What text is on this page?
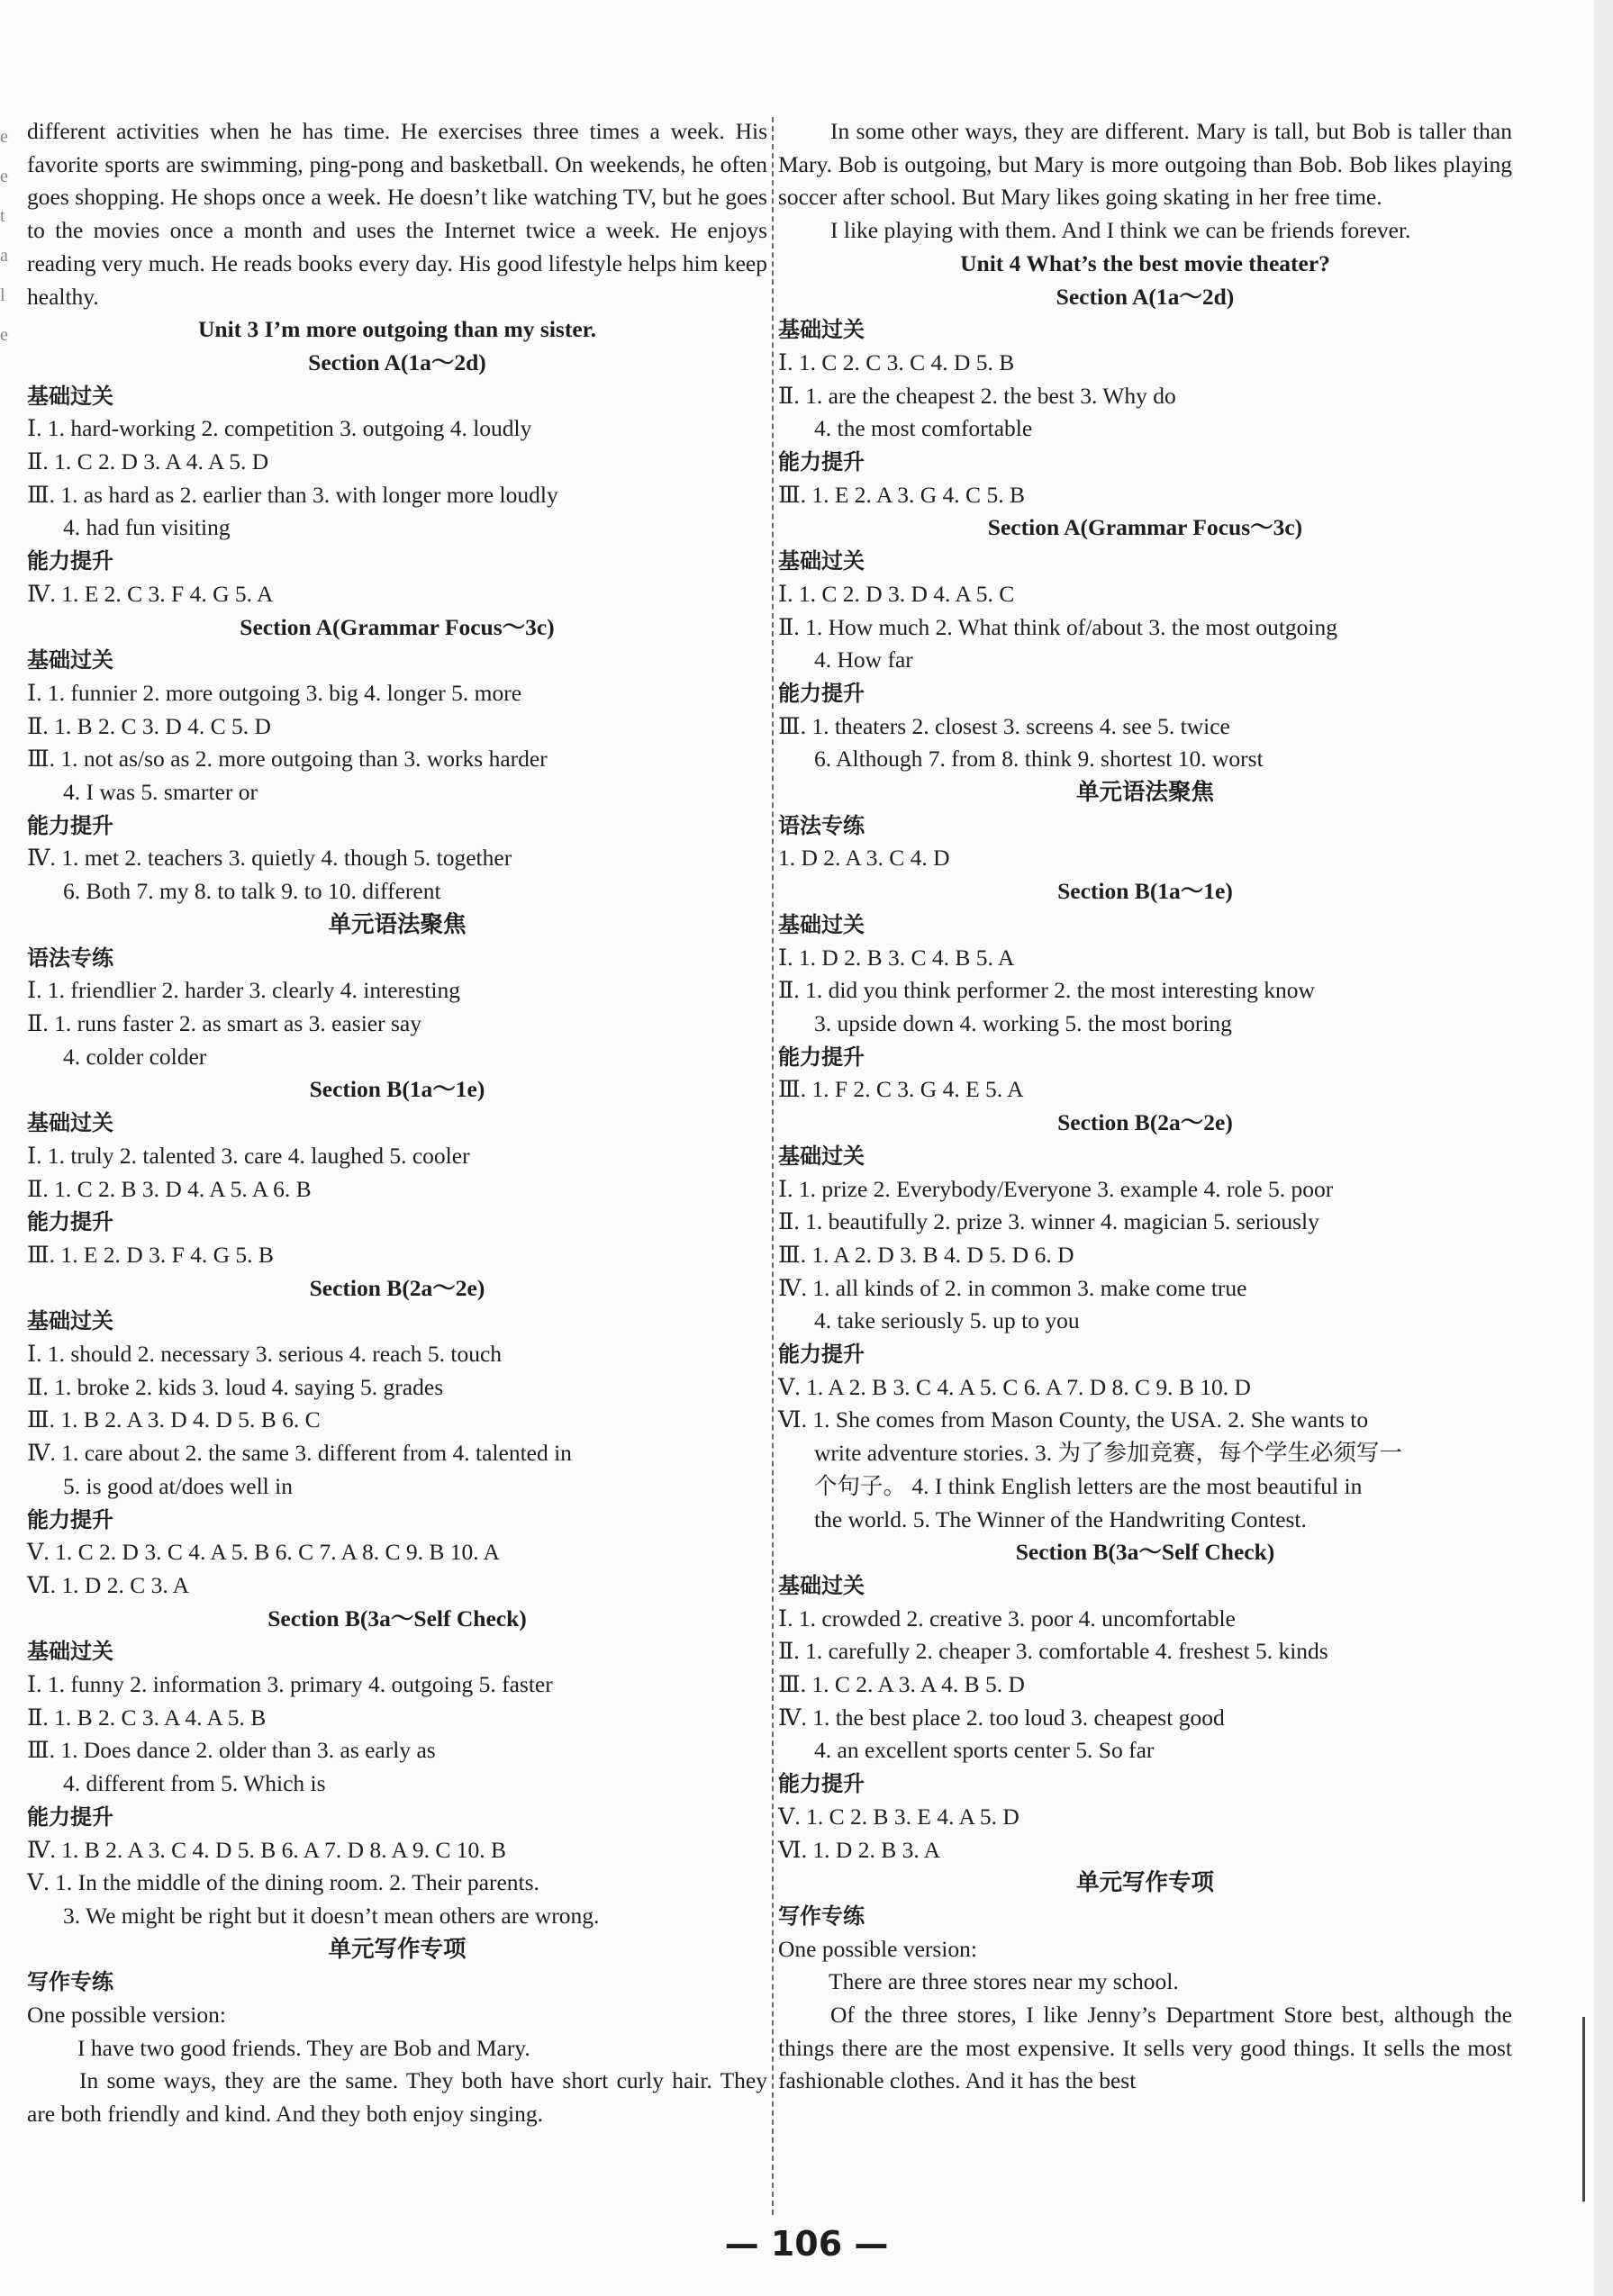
e
e
t
a
l
e
different activities when he has time. He exercises three times a week. His favorite sports are swimming, ping-pong and basketball. On weekends, he often goes shopping. He shops once a week. He doesn’t like watching TV, but he goes to the movies once a month and uses the Internet twice a week. He enjoys reading very much. He reads books every day. His good lifestyle helps him keep healthy.
Unit 3 I’m more outgoing than my sister.
Section A(1a～2d)
基础过关
Ⅰ. 1. hard-working 2. competition 3. outgoing 4. loudly
Ⅱ. 1. C 2. D 3. A 4. A 5. D
Ⅲ. 1. as hard as 2. earlier than 3. with longer more loudly
4. had fun visiting
能力提升
Ⅳ. 1. E 2. C 3. F 4. G 5. A
Section A(Grammar Focus～3c)
基础过关
Ⅰ. 1. funnier 2. more outgoing 3. big 4. longer 5. more
Ⅱ. 1. B 2. C 3. D 4. C 5. D
Ⅲ. 1. not as/so as 2. more outgoing than 3. works harder
4. I was 5. smarter or
能力提升
Ⅳ. 1. met 2. teachers 3. quietly 4. though 5. together
6. Both 7. my 8. to talk 9. to 10. different
单元语法聚焦
语法专练
Ⅰ. 1. friendlier 2. harder 3. clearly 4. interesting
Ⅱ. 1. runs faster 2. as smart as 3. easier say
4. colder colder
Section B(1a～1e)
基础过关
Ⅰ. 1. truly 2. talented 3. care 4. laughed 5. cooler
Ⅱ. 1. C 2. B 3. D 4. A 5. A 6. B
能力提升
Ⅲ. 1. E 2. D 3. F 4. G 5. B
Section B(2a～2e)
基础过关
Ⅰ. 1. should 2. necessary 3. serious 4. reach 5. touch
Ⅱ. 1. broke 2. kids 3. loud 4. saying 5. grades
Ⅲ. 1. B 2. A 3. D 4. D 5. B 6. C
Ⅳ. 1. care about 2. the same 3. different from 4. talented in
5. is good at/does well in
能力提升
Ⅴ. 1. C 2. D 3. C 4. A 5. B 6. C 7. A 8. C 9. B 10. A
Ⅵ. 1. D 2. C 3. A
Section B(3a～Self Check)
基础过关
Ⅰ. 1. funny 2. information 3. primary 4. outgoing 5. faster
Ⅱ. 1. B 2. C 3. A 4. A 5. B
Ⅲ. 1. Does dance 2. older than 3. as early as
4. different from 5. Which is
能力提升
Ⅳ. 1. B 2. A 3. C 4. D 5. B 6. A 7. D 8. A 9. C 10. B
Ⅴ. 1. In the middle of the dining room. 2. Their parents.
3. We might be right but it doesn’t mean others are wrong.
单元写作专项
写作专练
One possible version:
I have two good friends. They are Bob and Mary.
In some ways, they are the same. They both have short curly hair. They are both friendly and kind. And they both enjoy singing.
In some other ways, they are different. Mary is tall, but Bob is taller than Mary. Bob is outgoing, but Mary is more outgoing than Bob. Bob likes playing soccer after school. But Mary likes going skating in her free time.
I like playing with them. And I think we can be friends forever.
Unit 4 What’s the best movie theater?
Section A(1a～2d)
基础过关
Ⅰ. 1. C 2. C 3. C 4. D 5. B
Ⅱ. 1. are the cheapest 2. the best 3. Why do
4. the most comfortable
能力提升
Ⅲ. 1. E 2. A 3. G 4. C 5. B
Section A(Grammar Focus～3c)
基础过关
Ⅰ. 1. C 2. D 3. D 4. A 5. C
Ⅱ. 1. How much 2. What think of/about 3. the most outgoing
4. How far
能力提升
Ⅲ. 1. theaters 2. closest 3. screens 4. see 5. twice
6. Although 7. from 8. think 9. shortest 10. worst
单元语法聚焦
语法专练
1. D 2. A 3. C 4. D
Section B(1a～1e)
基础过关
Ⅰ. 1. D 2. B 3. C 4. B 5. A
Ⅱ. 1. did you think performer 2. the most interesting know
3. upside down 4. working 5. the most boring
能力提升
Ⅲ. 1. F 2. C 3. G 4. E 5. A
Section B(2a～2e)
基础过关
Ⅰ. 1. prize 2. Everybody/Everyone 3. example 4. role 5. poor
Ⅱ. 1. beautifully 2. prize 3. winner 4. magician 5. seriously
Ⅲ. 1. A 2. D 3. B 4. D 5. D 6. D
Ⅳ. 1. all kinds of 2. in common 3. make come true
4. take seriously 5. up to you
能力提升
Ⅴ. 1. A 2. B 3. C 4. A 5. C 6. A 7. D 8. C 9. B 10. D
Ⅵ. 1. She comes from Mason County, the USA. 2. She wants to
write adventure stories. 3. 为了参加竞赛，每个学生必须写一
个句子。 4. I think English letters are the most beautiful in
the world. 5. The Winner of the Handwriting Contest.
Section B(3a～Self Check)
基础过关
Ⅰ. 1. crowded 2. creative 3. poor 4. uncomfortable
Ⅱ. 1. carefully 2. cheaper 3. comfortable 4. freshest 5. kinds
Ⅲ. 1. C 2. A 3. A 4. B 5. D
Ⅳ. 1. the best place 2. too loud 3. cheapest good
4. an excellent sports center 5. So far
能力提升
Ⅴ. 1. C 2. B 3. E 4. A 5. D
Ⅵ. 1. D 2. B 3. A
单元写作专项
写作专练
One possible version:
There are three stores near my school.
Of the three stores, I like Jenny’s Department Store best, although the things there are the most expensive. It sells very good things. It sells the most fashionable clothes. And it has the best
— 106 —
